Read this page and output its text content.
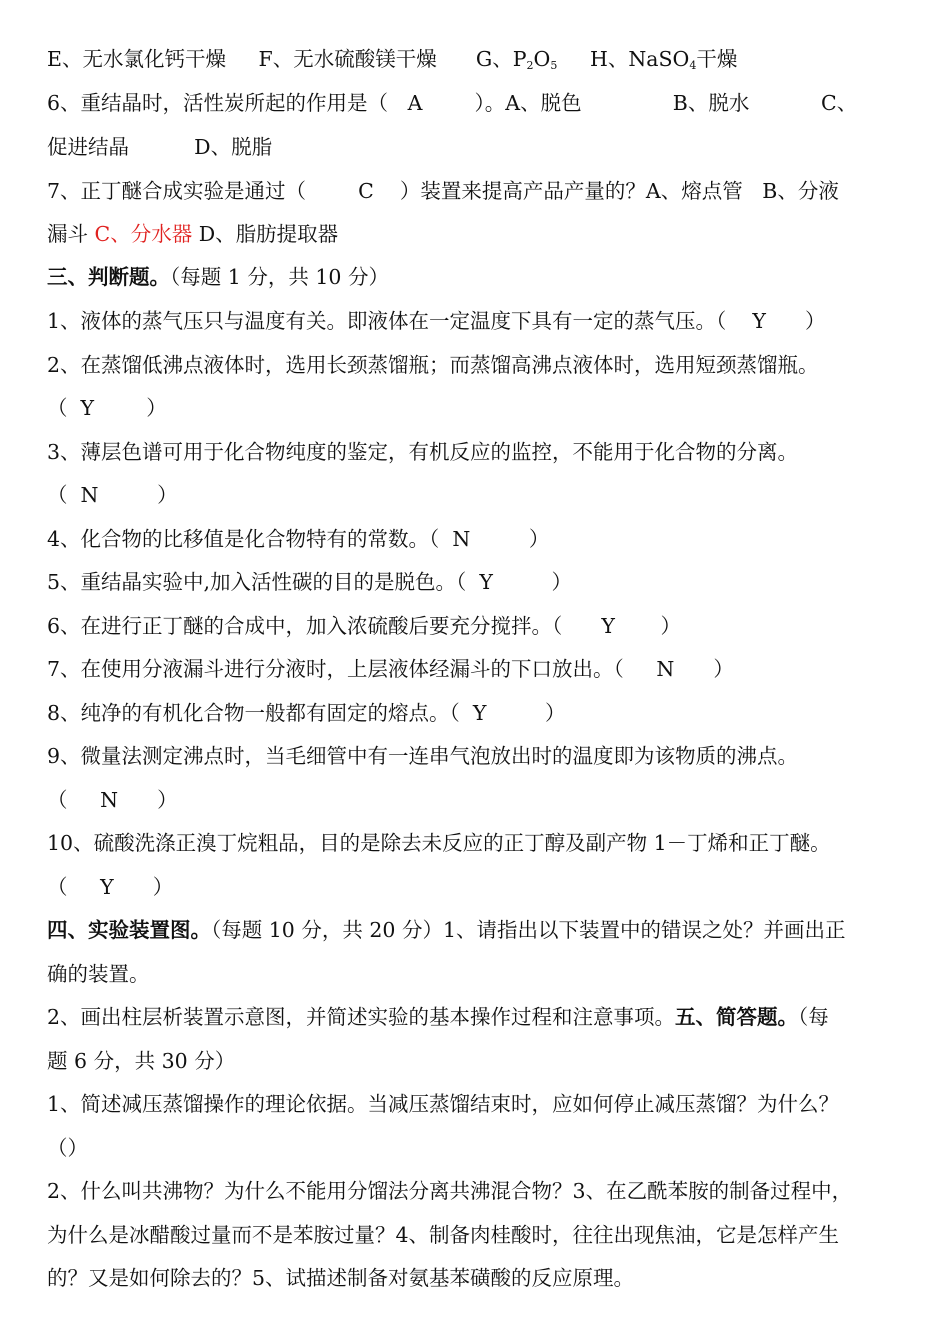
E、无水氯化钙干燥     F、无水硫酸镁干燥      G、$P_2O_5$     H、NaSO$_4$干燥
6、重结晶时，活性炭所起的作用是（   A        ）。A、脱色              B、脱水           C、
促进结晶          D、脱脂
7、正丁醚合成实验是通过（        C    ）装置来提高产品产量的？A、熔点管   B、分液
漏斗 C、分水器 D、脂肪提取器
三、判断题。（每题 1 分，共 10 分）
1、液体的蒸气压只与温度有关。即液体在一定温度下具有一定的蒸气压。（    Y      ）
2、在蒸馏低沸点液体时，选用长颈蒸馏瓶；而蒸馏高沸点液体时，选用短颈蒸馏瓶。
（  Y        ）
3、薄层色谱可用于化合物纯度的鉴定，有机反应的监控，不能用于化合物的分离。
（  N         ）
4、化合物的比移值是化合物特有的常数。（  N         ）
5、重结晶实验中,加入活性碳的目的是脱色。（  Y         ）
6、在进行正丁醚的合成中，加入浓硫酸后要充分搅拌。（      Y       ）
7、在使用分液漏斗进行分液时，上层液体经漏斗的下口放出。（     N      ）
8、纯净的有机化合物一般都有固定的熔点。（  Y         ）
9、微量法测定沸点时，当毛细管中有一连串气泡放出时的温度即为该物质的沸点。
（     N      ）
10、硫酸洗涤正溴丁烷粗品，目的是除去未反应的正丁醇及副产物 1－丁烯和正丁醚。
（     Y      ）
四、实验装置图。（每题 10 分，共 20 分）1、请指出以下装置中的错误之处？并画出正
确的装置。
2、画出柱层析装置示意图，并简述实验的基本操作过程和注意事项。五、简答题。（每
题 6 分，共 30 分）
1、简述减压蒸馏操作的理论依据。当减压蒸馏结束时，应如何停止减压蒸馏？为什么？
（）
2、什么叫共沸物？为什么不能用分馏法分离共沸混合物？3、在乙酰苯胺的制备过程中，
为什么是冰醋酸过量而不是苯胺过量？4、制备肉桂酸时，往往出现焦油，它是怎样产生
的？又是如何除去的？5、试描述制备对氨基苯磺酸的反应原理。
